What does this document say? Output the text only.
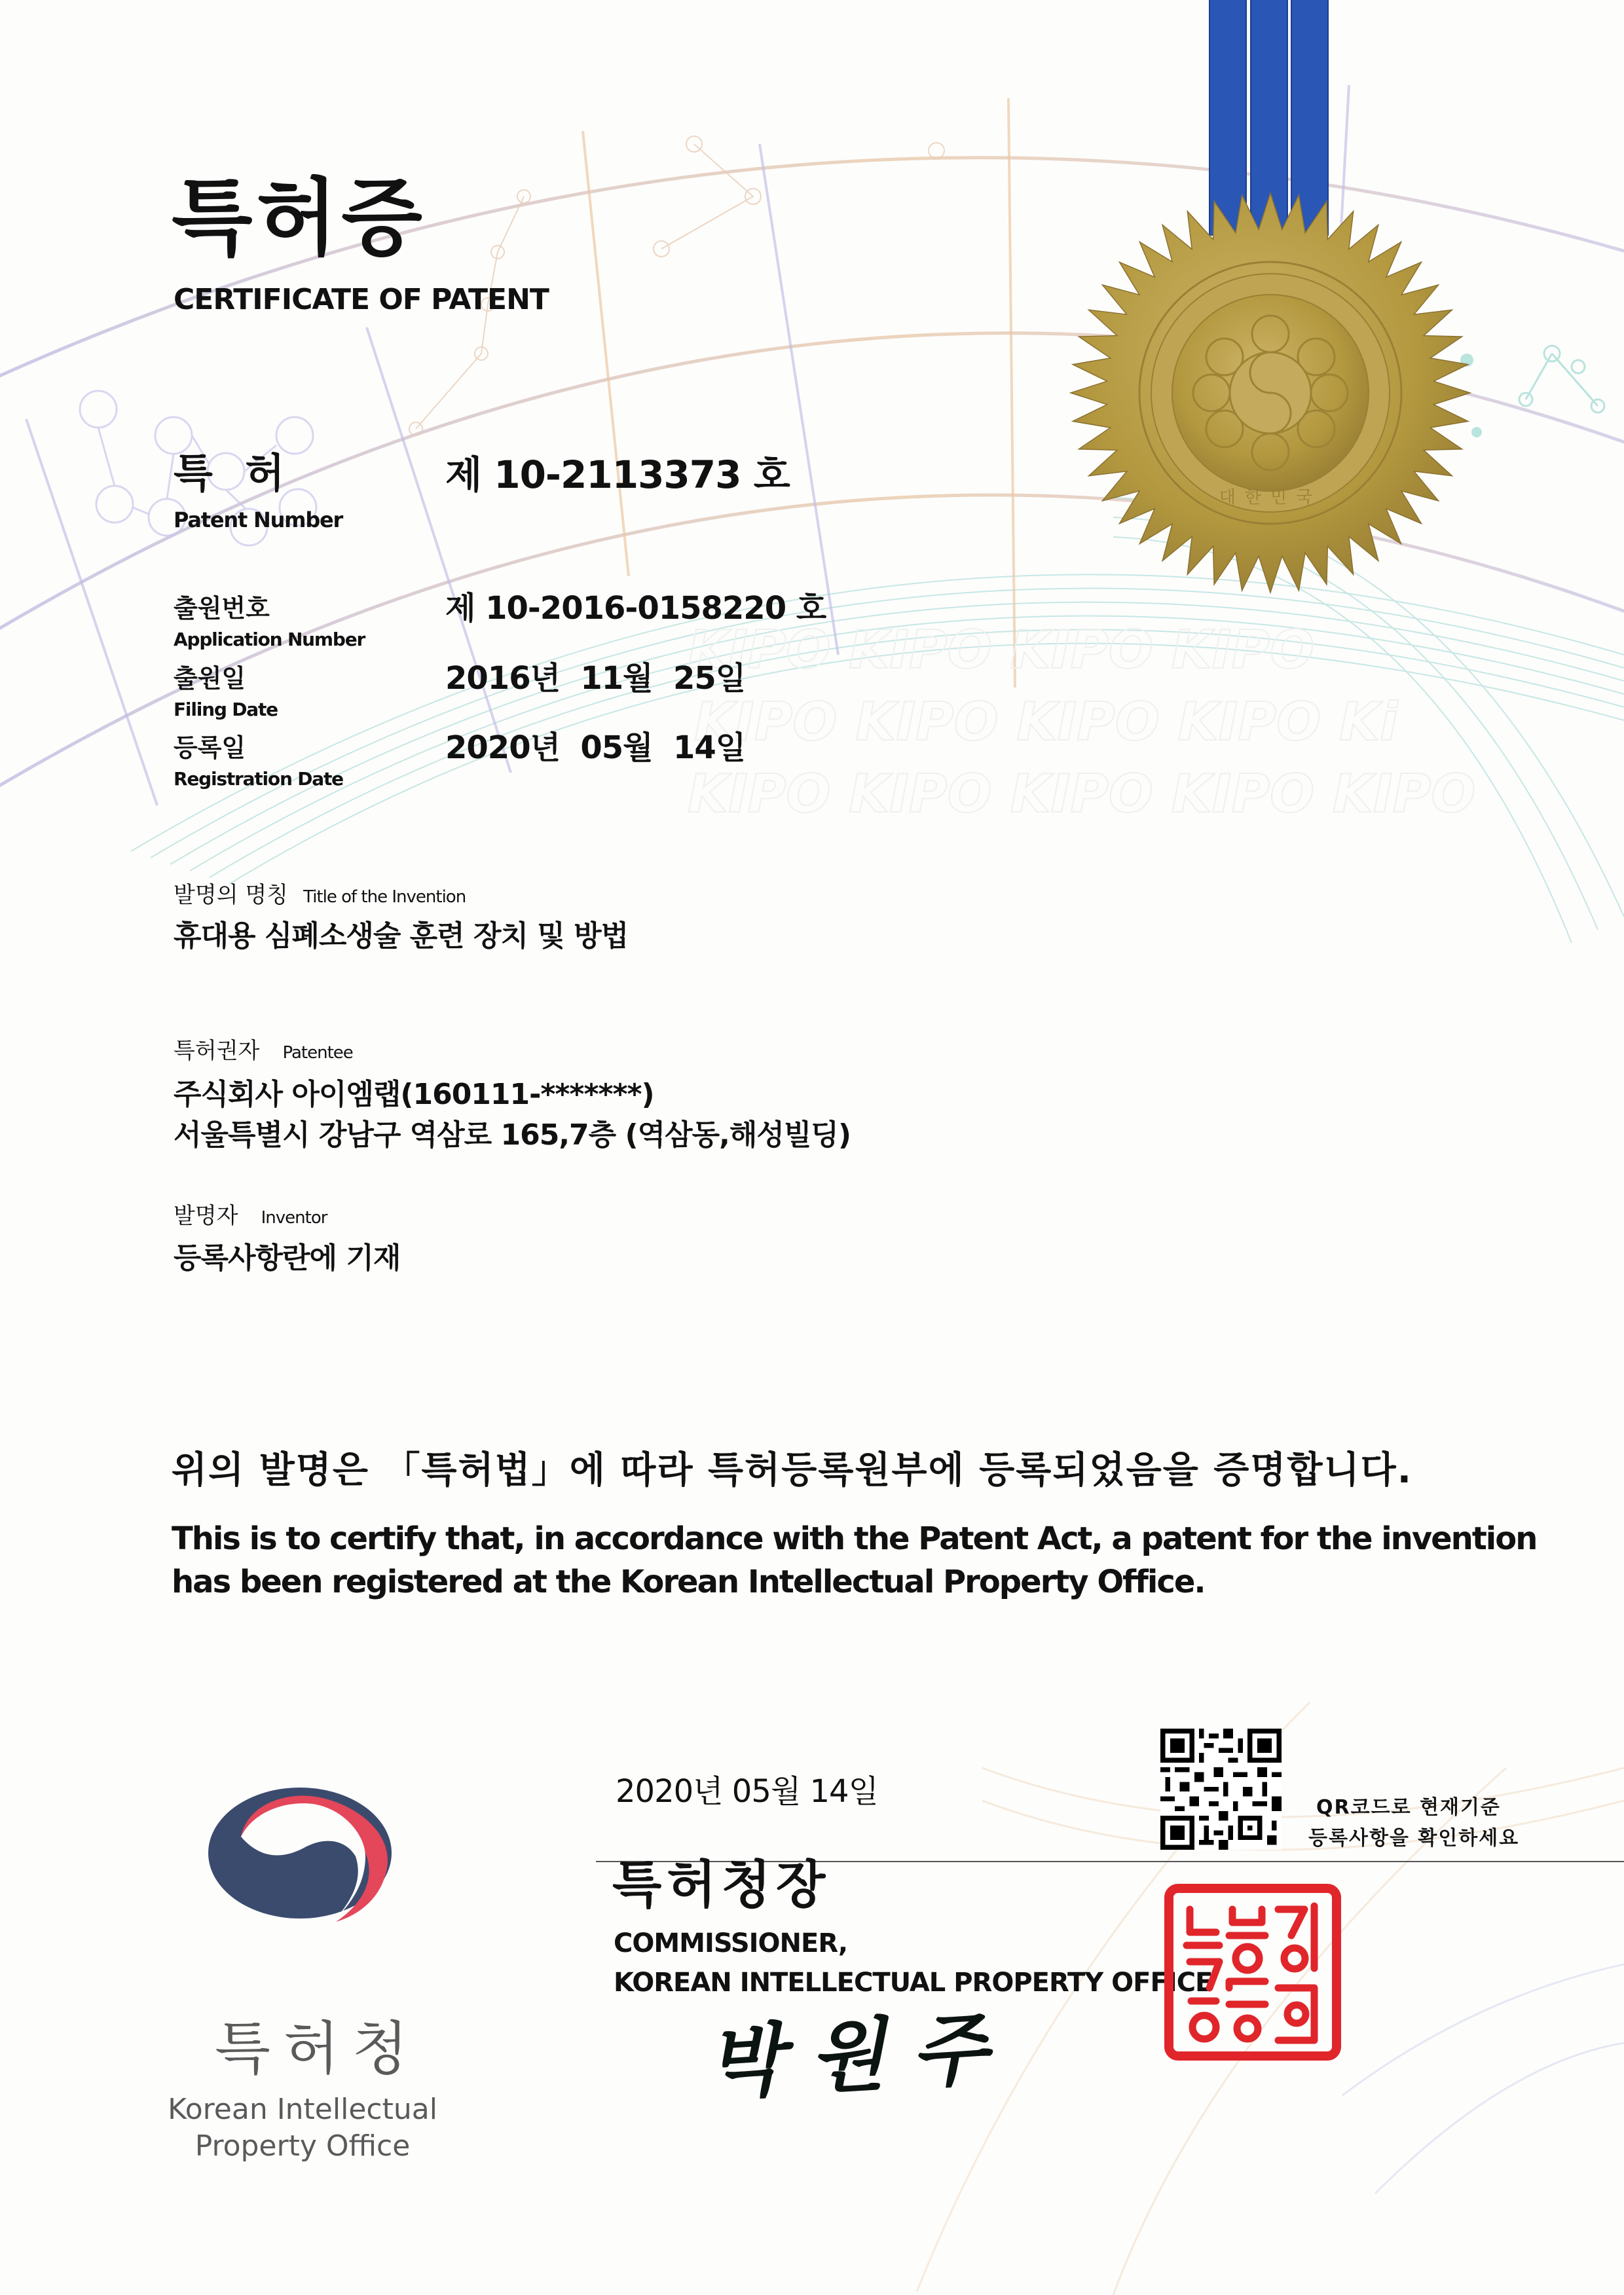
KIPO KIPO KIPO KIPO
KIPO KIPO KIPO KIPO Ki
KIPO KIPO KIPO KIPO KIPO
대한민국
특허증
CERTIFICATE OF PATENT
특 허
Patent Number
제 10-2113373 호
출원번호
Application Number
제 10-2016-0158220 호
출원일
Filing Date
2016년  11월  25일
등록일
Registration Date
2020년  05월  14일
발명의 명칭 Title of the Invention
휴대용 심폐소생술 훈련 장치 및 방법
특허권자 Patentee
주식회사 아이엠랩(160111-*******)
서울특별시 강남구 역삼로 165,7층 (역삼동,해성빌딩)
발명자 Inventor
등록사항란에 기재
위의 발명은 「특허법」에 따라 특허등록원부에 등록되었음을 증명합니다.
This is to certify that, in accordance with the Patent Act, a patent for the invention
has been registered at the Korean Intellectual Property Office.
QR코드로 현재기준
등록사항을 확인하세요
2020년 05월 14일
특허청장
COMMISSIONER,
KOREAN INTELLECTUAL PROPERTY OFFICE
박원주
특허청
Korean Intellectual
Property Office
